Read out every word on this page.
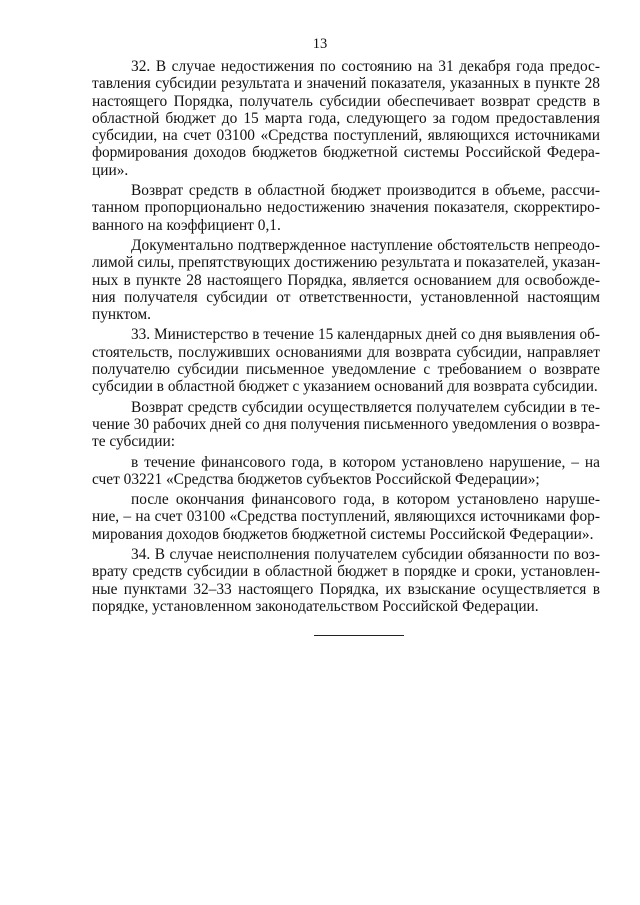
13
32. В случае недостижения по состоянию на 31 декабря года предос-
тавления субсидии результата и значений показателя, указанных в пункте 28
настоящего Порядка, получатель субсидии обеспечивает возврат средств в
областной бюджет до 15 марта года, следующего за годом предоставления
субсидии, на счет 03100 «Средства поступлений, являющихся источниками
формирования доходов бюджетов бюджетной системы Российской Федера-
ции».
Возврат средств в областной бюджет производится в объеме, рассчи-
танном пропорционально недостижению значения показателя, скорректиро-
ванного на коэффициент 0,1.
Документально подтвержденное наступление обстоятельств непреодо-
лимой силы, препятствующих достижению результата и показателей, указан-
ных в пункте 28 настоящего Порядка, является основанием для освобожде-
ния получателя субсидии от ответственности, установленной настоящим
пунктом.
33. Министерство в течение 15 календарных дней со дня выявления об-
стоятельств, послуживших основаниями для возврата субсидии, направляет
получателю субсидии письменное уведомление с требованием о возврате
субсидии в областной бюджет с указанием оснований для возврата субсидии.
Возврат средств субсидии осуществляется получателем субсидии в те-
чение 30 рабочих дней со дня получения письменного уведомления о возвра-
те субсидии:
в течение финансового года, в котором установлено нарушение, – на
счет 03221 «Средства бюджетов субъектов Российской Федерации»;
после окончания финансового года, в котором установлено наруше-
ние, – на счет 03100 «Средства поступлений, являющихся источниками фор-
мирования доходов бюджетов бюджетной системы Российской Федерации».
34. В случае неисполнения получателем субсидии обязанности по воз-
врату средств субсидии в областной бюджет в порядке и сроки, установлен-
ные пунктами 32–33 настоящего Порядка, их взыскание осуществляется в
порядке, установленном законодательством Российской Федерации.
